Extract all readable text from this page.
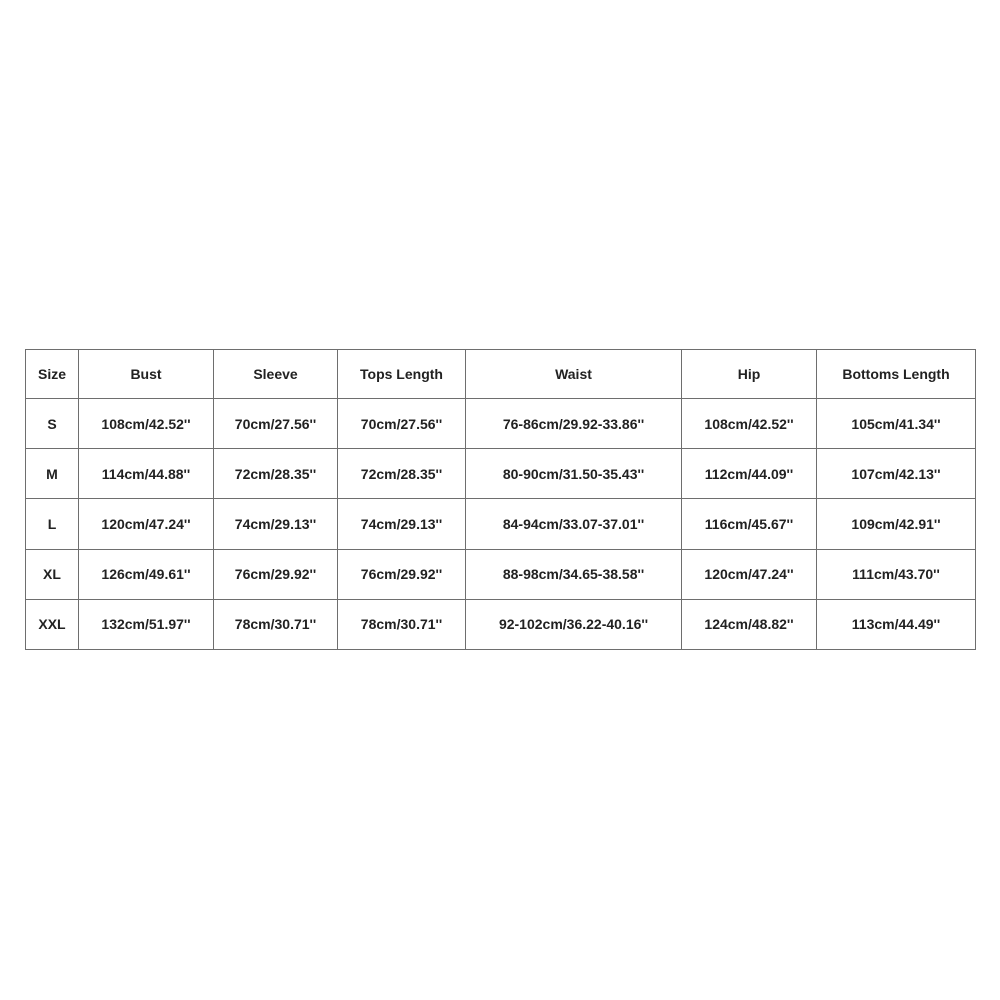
Size	Bust	Sleeve	Tops Length	Waist	Hip	Bottoms Length
S	108cm/42.52''	70cm/27.56''	70cm/27.56''	76-86cm/29.92-33.86''	108cm/42.52''	105cm/41.34''
M	114cm/44.88''	72cm/28.35''	72cm/28.35''	80-90cm/31.50-35.43''	112cm/44.09''	107cm/42.13''
L	120cm/47.24''	74cm/29.13''	74cm/29.13''	84-94cm/33.07-37.01''	116cm/45.67''	109cm/42.91''
XL	126cm/49.61''	76cm/29.92''	76cm/29.92''	88-98cm/34.65-38.58''	120cm/47.24''	111cm/43.70''
XXL	132cm/51.97''	78cm/30.71''	78cm/30.71''	92-102cm/36.22-40.16''	124cm/48.82''	113cm/44.49''
